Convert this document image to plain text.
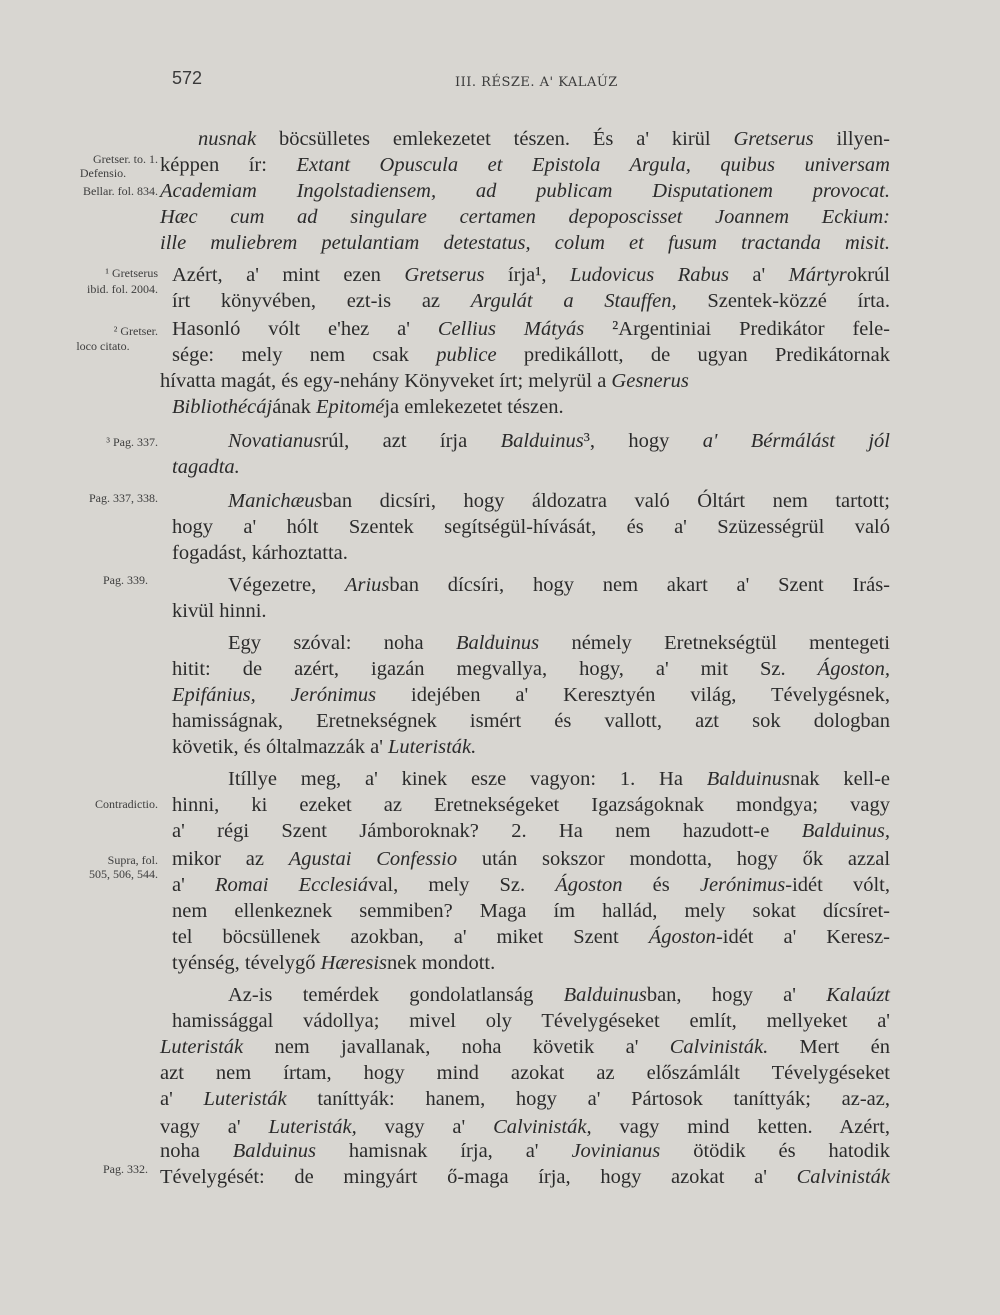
572	III. RÉSZE. A' KALAÚZ
Gretser. to. 1.
Defensio.
Bellar. fol. 834.
¹ Gretserus
ibid. fol. 2004.
² Gretser.
loco citato.
³ Pag. 337.
Pag. 337, 338.
Pag. 339.
Contradictio.
Supra, fol.
505, 506, 544.
Pag. 332.
nusnak böcsülletes emlekezetet tészen. És a' kirül Gretserus illyen-
képpen ír: Extant Opuscula et Epistola Argula, quibus universam
Academiam Ingolstadiensem, ad publicam Disputationem provocat.
Hæc cum ad singulare certamen depoposcisset Joannem Eckium:
ille muliebrem petulantiam detestatus, colum et fusum tractanda misit.
Azért, a' mint ezen Gretserus írja¹, Ludovicus Rabus a' Mártyrokrúl
írt könyvében, ezt-is az Argulát a Stauffen, Szentek-közzé írta.
Hasonló vólt e'hez a' Cellius Mátyás ²Argentiniai Predikátor fele-
sége: mely nem csak publice predikállott, de ugyan Predikátornak
hívatta magát, és egy-nehány Könyveket írt; melyrül a Gesnerus
Bibliothécájának Epitoméja emlekezetet tészen.
Novatianusrúl, azt írja Balduinus³, hogy a' Bérmálást jól
tagadta.
Manichæusban dicsíri, hogy áldozatra való Óltárt nem tartott;
hogy a' hólt Szentek segítségül-hívását, és a' Szüzességrül való
fogadást, kárhoztatta.
Végezetre, Ariusban dícsíri, hogy nem akart a' Szent Irás-
kivül hinni.
Egy szóval: noha Balduinus némely Eretnekségtül mentegeti
hitit: de azért, igazán megvallya, hogy, a' mit Sz. Ágoston,
Epifánius, Jerónimus idejében a' Keresztyén világ, Tévelygésnek,
hamisságnak, Eretnekségnek ismért és vallott, azt sok dologban
követik, és óltalmazzák a' Luteristák.
Itíllye meg, a' kinek esze vagyon: 1. Ha Balduinusnak kell-e
hinni, ki ezeket az Eretnekségeket Igazságoknak mondgya; vagy
a' régi Szent Jámboroknak? 2. Ha nem hazudott-e Balduinus,
mikor az Agustai Confessio után sokszor mondotta, hogy ők azzal
a' Romai Ecclesiával, mely Sz. Ágoston és Jerónimus-idét vólt,
nem ellenkeznek semmiben? Maga ím hallád, mely sokat dícsíret-
tel böcsüllenek azokban, a' miket Szent Ágoston-idét a' Keresz-
tyénség, tévelygő Hæresisnek mondott.
Az-is temérdek gondolatlanság Balduinusban, hogy a' Kalaúzt
hamissággal vádollya; mivel oly Tévelygéseket említ, mellyeket a'
Luteristák nem javallanak, noha követik a' Calvinisták. Mert én
azt nem írtam, hogy mind azokat az előszámlált Tévelygéseket
a' Luteristák taníttyák: hanem, hogy a' Pártosok taníttyák; az-az,
vagy a' Luteristák, vagy a' Calvinisták, vagy mind ketten. Azért,
noha Balduinus hamisnak írja, a' Jovinianus ötödik és hatodik
Tévelygését: de mingyárt ő-maga írja, hogy azokat a' Calvinisták
